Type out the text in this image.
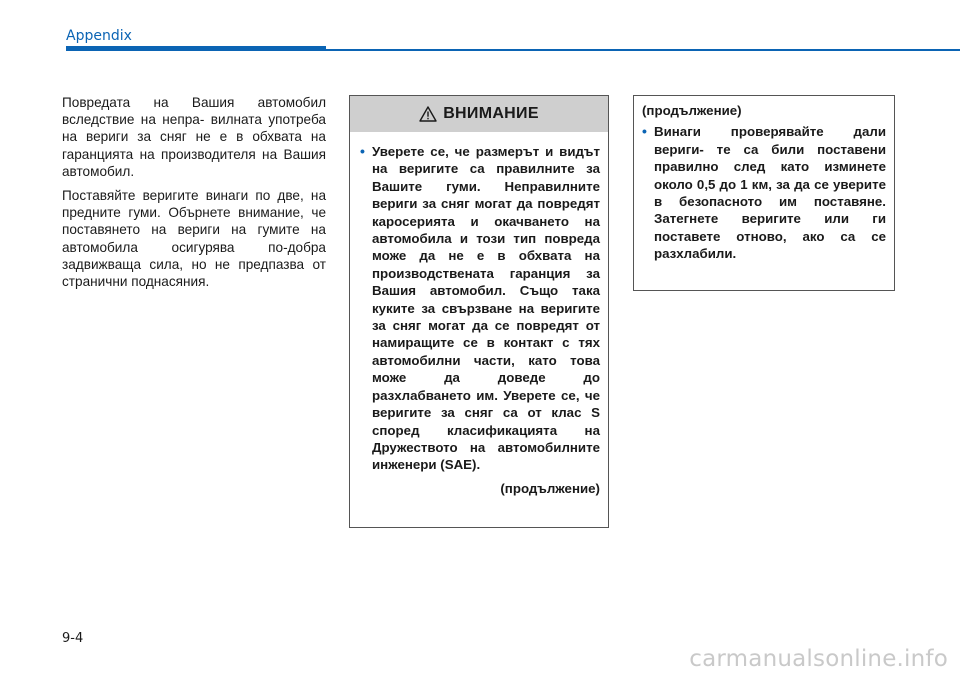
Appendix

Повредата на Вашия автомобил вследствие на непра- вилната употреба на вериги за сняг не е в обхвата на гаранцията на производителя на Вашия автомобил.

Поставяйте веригите винаги по две, на предните гуми. Обърнете внимание, че поставянето на вериги на гумите на автомобила осигурява по-добра задвижваща сила, но не предпазва от странични поднасяния.

ВНИМАНИЕ
• Уверете се, че размерът и видът на веригите са правилните за Вашите гуми. Неправилните вериги за сняг могат да повредят каросерията и окачването на автомобила и този тип повреда може да не е в обхвата на производствената гаранция за Вашия автомобил. Също така куките за свързване на веригите за сняг могат да се повредят от намиращите се в контакт с тях автомобилни части, като това може да доведе до разхлабването им. Уверете се, че веригите за сняг са от клас S според класификацията на Дружеството на автомобилните инженери (SAE).
(продължение)
(продължение)
• Винаги проверявайте дали вериги- те са били поставени правилно след като изминете около 0,5 до 1 км, за да се уверите в безопасното им поставяне. Затегнете веригите или ги поставете отново, ако са се разхлабили.
9-4
carmanualsonline.info
